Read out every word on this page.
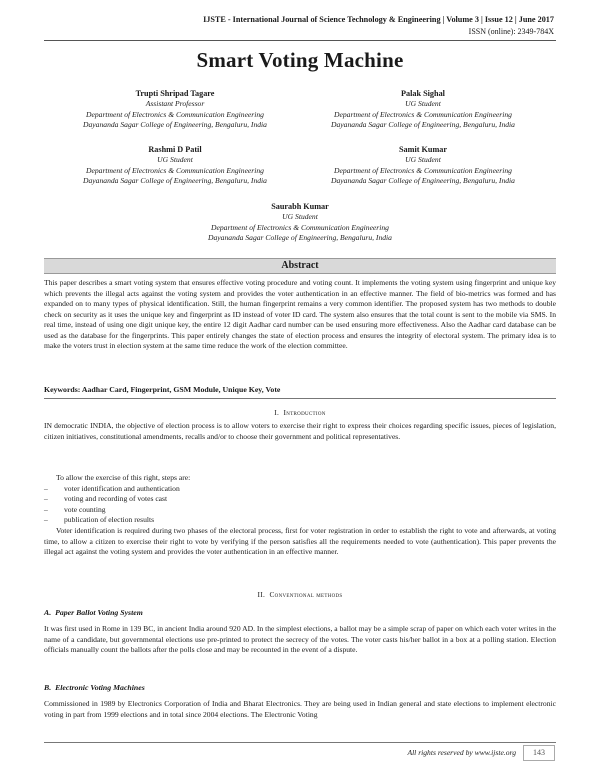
IJSTE - International Journal of Science Technology & Engineering | Volume 3 | Issue 12 | June 2017
ISSN (online): 2349-784X
Smart Voting Machine
Trupti Shripad Tagare
Assistant Professor
Department of Electronics & Communication Engineering
Dayananda Sagar College of Engineering, Bengaluru, India
Palak Sighal
UG Student
Department of Electronics & Communication Engineering
Dayananda Sagar College of Engineering, Bengaluru, India
Rashmi D Patil
UG Student
Department of Electronics & Communication Engineering
Dayananda Sagar College of Engineering, Bengaluru, India
Samit Kumar
UG Student
Department of Electronics & Communication Engineering
Dayananda Sagar College of Engineering, Bengaluru, India
Saurabh Kumar
UG Student
Department of Electronics & Communication Engineering
Dayananda Sagar College of Engineering, Bengaluru, India
Abstract
This paper describes a smart voting system that ensures effective voting procedure and voting count. It implements the voting system using fingerprint and unique key which prevents the illegal acts against the voting system and provides the voter authentication in an effective manner. The field of bio-metrics was formed and has expanded on to many types of physical identification. Still, the human fingerprint remains a very common identifier. The proposed system has two methods to double check on security as it uses the unique key and fingerprint as ID instead of voter ID card. The system also ensures that the total count is sent to the mobile via SMS. In real time, instead of using one digit unique key, the entire 12 digit Aadhar card number can be used ensuring more effectiveness. Also the Aadhar card database can be used as the database for the fingerprints. This paper entirely changes the state of election process and ensures the integrity of electoral system. The primary idea is to make the voters trust in election system at the same time reduce the work of the election committee.
Keywords: Aadhar Card, Fingerprint, GSM Module, Unique Key, Vote
I. Introduction
IN democratic INDIA, the objective of election process is to allow voters to exercise their right to express their choices regarding specific issues, pieces of legislation, citizen initiatives, constitutional amendments, recalls and/or to choose their government and political representatives.
To allow the exercise of this right, steps are:
–	voter identification and authentication
–	voting and recording of votes cast
–	vote counting
–	publication of election results
Voter identification is required during two phases of the electoral process, first for voter registration in order to establish the right to vote and afterwards, at voting time, to allow a citizen to exercise their right to vote by verifying if the person satisfies all the requirements needed to vote (authentication). This paper prevents the illegal act against the voting system and provides the voter authentication in an effective manner.
II. Conventional methods
A. Paper Ballot Voting System
It was first used in Rome in 139 BC, in ancient India around 920 AD. In the simplest elections, a ballot may be a simple scrap of paper on which each voter writes in the name of a candidate, but governmental elections use pre-printed to protect the secrecy of the votes. The voter casts his/her ballot in a box at a polling station. Election officials manually count the ballots after the polls close and may be recounted in the event of a dispute.
B. Electronic Voting Machines
Commissioned in 1989 by Electronics Corporation of India and Bharat Electronics. They are being used in Indian general and state elections to implement electronic voting in part from 1999 elections and in total since 2004 elections. The Electronic Voting
All rights reserved by www.ijste.org	143
